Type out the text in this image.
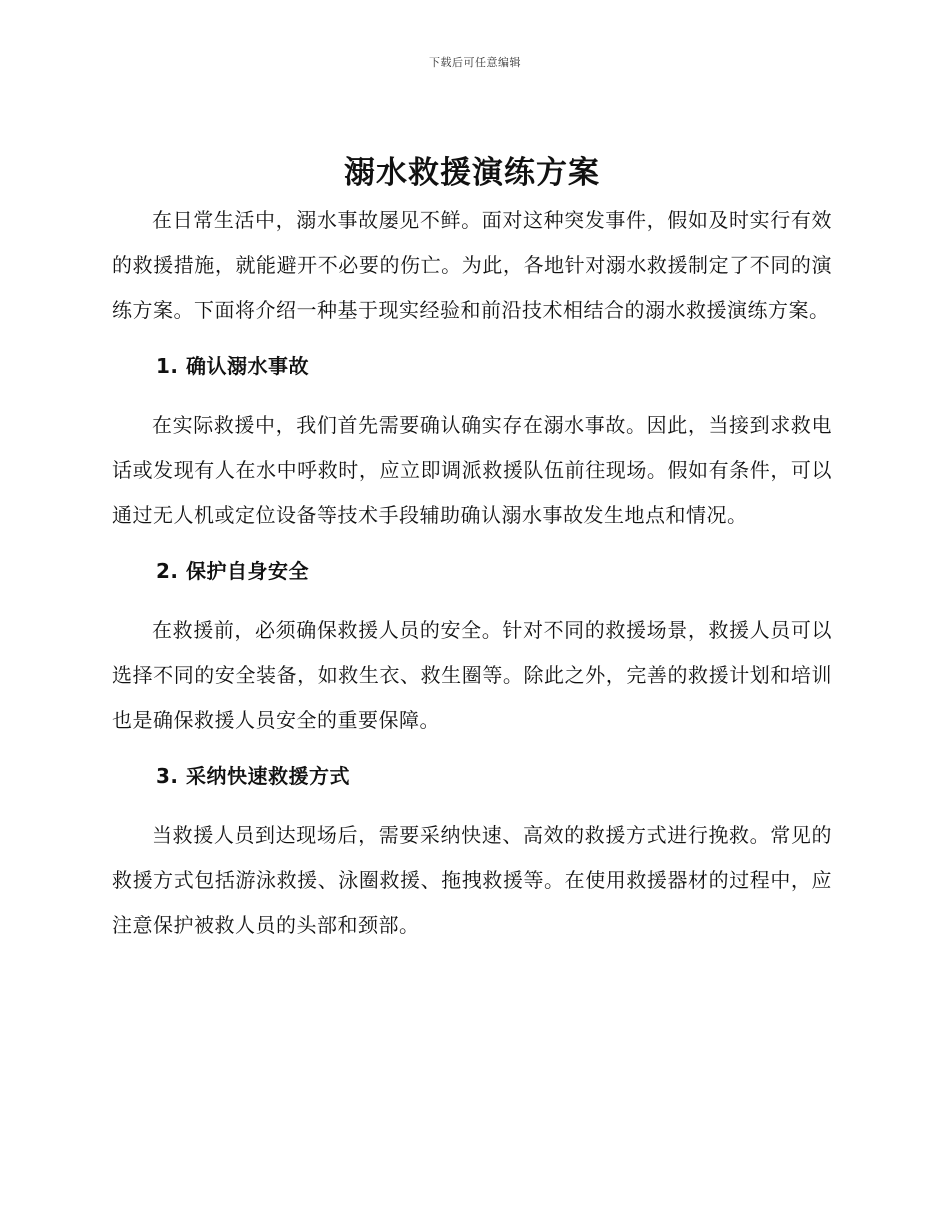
下载后可任意编辑
溺水救援演练方案

在日常生活中，溺水事故屡见不鲜。面对这种突发事件，假如及时实行有效的救援措施，就能避开不必要的伤亡。为此，各地针对溺水救援制定了不同的演练方案。下面将介绍一种基于现实经验和前沿技术相结合的溺水救援演练方案。

1. 确认溺水事故

在实际救援中，我们首先需要确认确实存在溺水事故。因此，当接到求救电话或发现有人在水中呼救时，应立即调派救援队伍前往现场。假如有条件，可以通过无人机或定位设备等技术手段辅助确认溺水事故发生地点和情况。

2. 保护自身安全

在救援前，必须确保救援人员的安全。针对不同的救援场景，救援人员可以选择不同的安全装备，如救生衣、救生圈等。除此之外，完善的救援计划和培训也是确保救援人员安全的重要保障。

3. 采纳快速救援方式

当救援人员到达现场后，需要采纳快速、高效的救援方式进行挽救。常见的救援方式包括游泳救援、泳圈救援、拖拽救援等。在使用救援器材的过程中，应注意保护被救人员的头部和颈部。
